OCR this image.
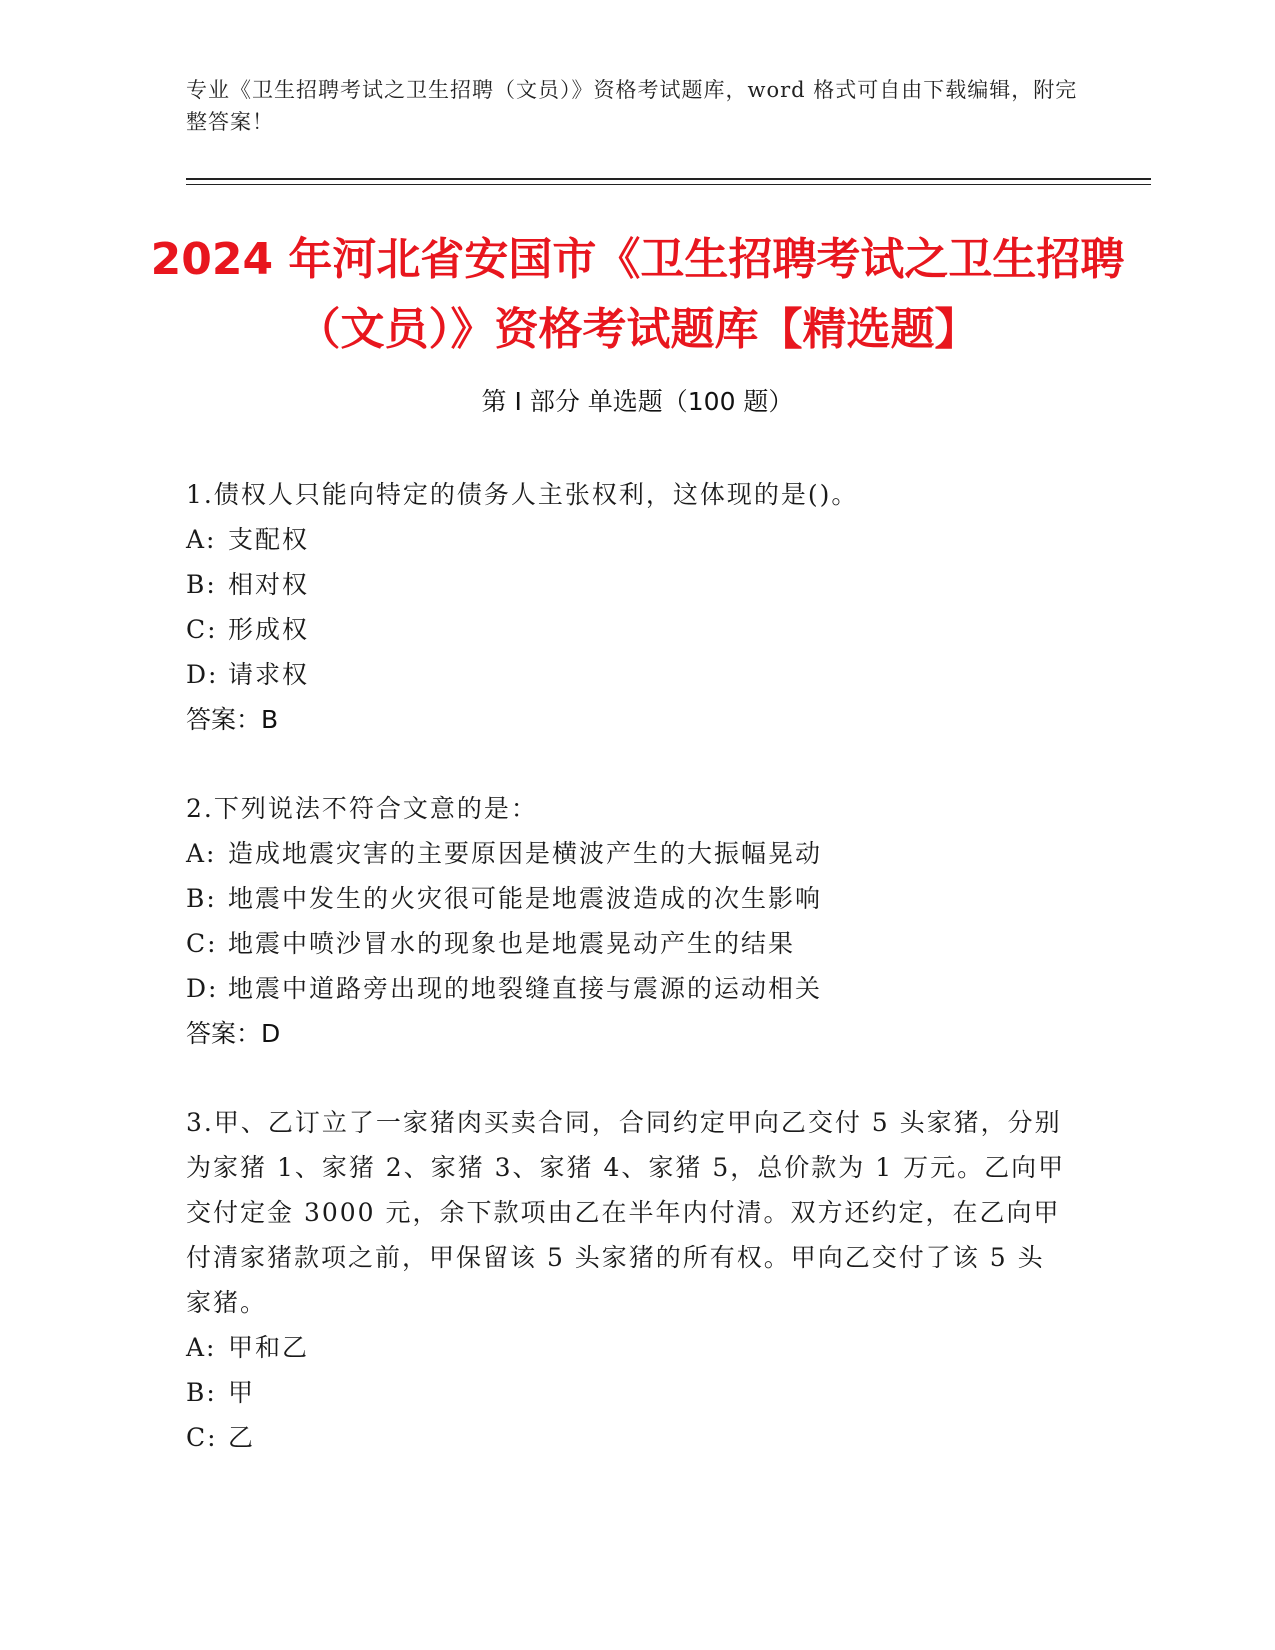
专业《卫生招聘考试之卫生招聘（文员）》资格考试题库，word 格式可自由下载编辑，附完整答案！
2024 年河北省安国市《卫生招聘考试之卫生招聘（文员）》资格考试题库【精选题】
第 I 部分 单选题（100 题）
1.债权人只能向特定的债务人主张权利，这体现的是()。
A: 支配权
B: 相对权
C: 形成权
D: 请求权
答案：B
2.下列说法不符合文意的是：
A: 造成地震灾害的主要原因是横波产生的大振幅晃动
B: 地震中发生的火灾很可能是地震波造成的次生影响
C: 地震中喷沙冒水的现象也是地震晃动产生的结果
D: 地震中道路旁出现的地裂缝直接与震源的运动相关
答案：D
3.甲、乙订立了一家猪肉买卖合同，合同约定甲向乙交付 5 头家猪，分别为家猪 1、家猪 2、家猪 3、家猪 4、家猪 5，总价款为 1 万元。乙向甲交付定金 3000 元，余下款项由乙在半年内付清。双方还约定，在乙向甲付清家猪款项之前，甲保留该 5 头家猪的所有权。甲向乙交付了该 5 头家猪。
A: 甲和乙
B: 甲
C: 乙
